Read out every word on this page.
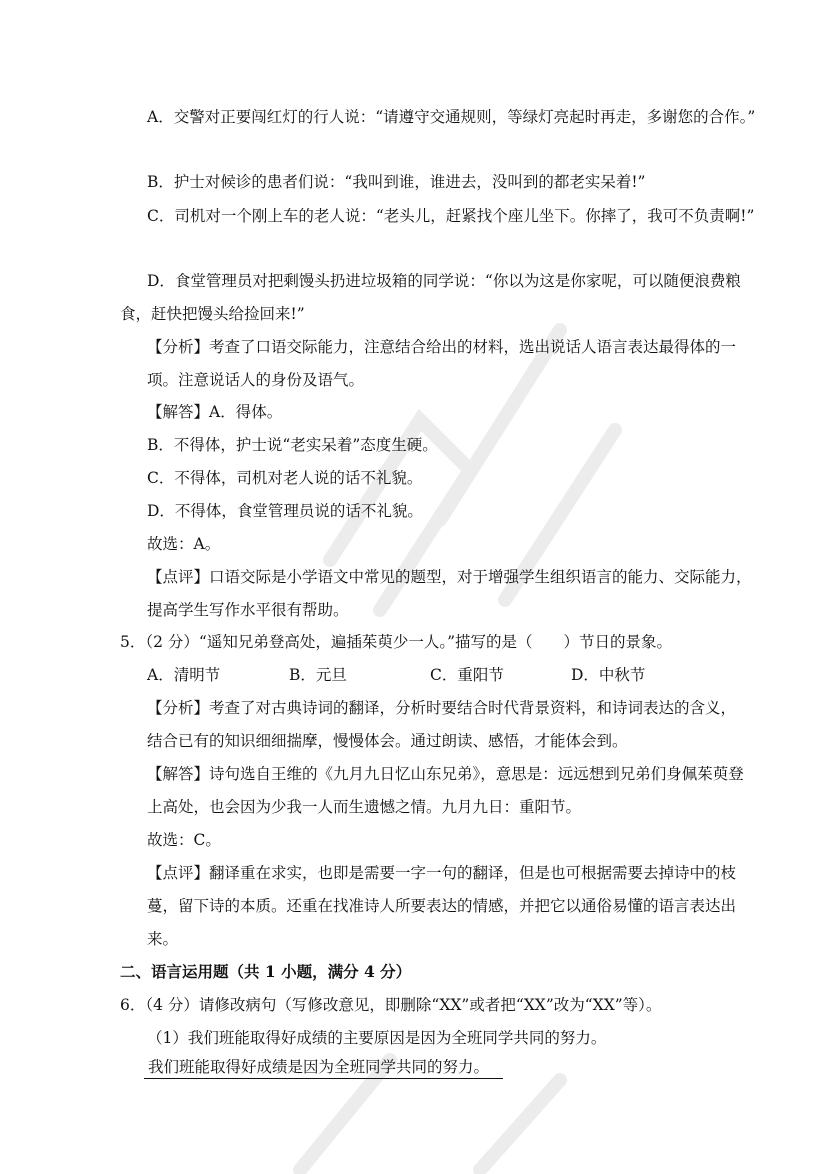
A．交警对正要闯红灯的行人说：“请遵守交通规则，等绿灯亮起时再走，多谢您的合作。”
B．护士对候诊的患者们说：“我叫到谁，谁进去，没叫到的都老实呆着!”
C．司机对一个刚上车的老人说：“老头儿，赶紧找个座儿坐下。你摔了，我可不负责啊!”
D．食堂管理员对把剩馒头扔进垃圾箱的同学说：“你以为这是你家呢，可以随便浪费粮
食，赶快把馒头给捡回来!”
【分析】考查了口语交际能力，注意结合给出的材料，选出说话人语言表达最得体的一
项。注意说话人的身份及语气。
【解答】A．得体。
B．不得体，护士说“老实呆着”态度生硬。
C．不得体，司机对老人说的话不礼貌。
D．不得体，食堂管理员说的话不礼貌。
故选：A。
【点评】口语交际是小学语文中常见的题型，对于增强学生组织语言的能力、交际能力，
提高学生写作水平很有帮助。
5．（2 分）“遥知兄弟登高处，遍插茱萸少一人。”描写的是（　　）节日的景象。
A．清明节	B．元旦	C．重阳节	D．中秋节
【分析】考查了对古典诗词的翻译，分析时要结合时代背景资料，和诗词表达的含义，
结合已有的知识细细揣摩，慢慢体会。通过朗读、感悟，才能体会到。
【解答】诗句选自王维的《九月九日忆山东兄弟》，意思是：远远想到兄弟们身佩茱萸登
上高处，也会因为少我一人而生遗憾之情。九月九日：重阳节。
故选：C。
【点评】翻译重在求实，也即是需要一字一句的翻译，但是也可根据需要去掉诗中的枝
蔓，留下诗的本质。还重在找准诗人所要表达的情感，并把它以通俗易懂的语言表达出
来。
二、语言运用题（共 1 小题，满分 4 分）
6．（4 分）请修改病句（写修改意见，即删除“XX”或者把“XX”改为“XX”等）。
（1）我们班能取得好成绩的主要原因是因为全班同学共同的努力。
我们班能取得好成绩是因为全班同学共同的努力。
